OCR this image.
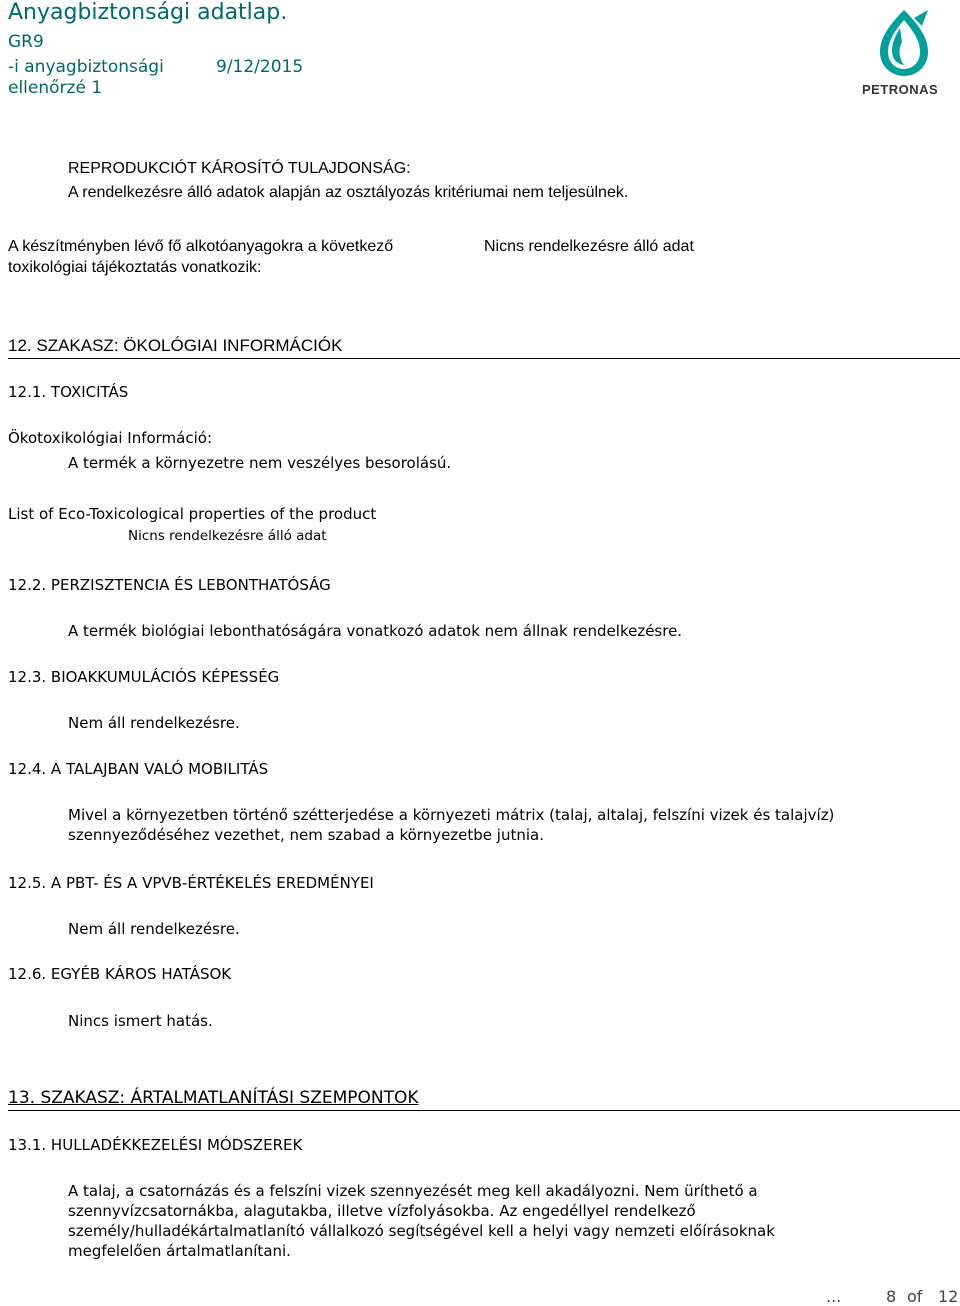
Anyagbiztonsági adatlap.
GR9
-i anyagbiztonsági	9/12/2015
ellenőrzé 1	PETRONAS
REPRODUKCIÓT KÁROSÍTÓ TULAJDONSÁG:
A rendelkezésre álló adatok alapján az osztályozás kritériumai nem teljesülnek.
A készítményben lévő fő alkotóanyagokra a következő
toxikológiai tájékoztatás vonatkozik:
Nicns rendelkezésre álló adat
12. SZAKASZ: ÖKOLÓGIAI INFORMÁCIÓK
12.1. TOXICITÁS
Ökotoxikológiai Információ:
A termék a környezetre nem veszélyes besorolású.
List of Eco-Toxicological properties of the product
Nicns rendelkezésre álló adat
12.2. PERZISZTENCIA ÉS LEBONTHATÓSÁG
A termék biológiai lebonthatóságára vonatkozó adatok nem állnak rendelkezésre.
12.3. BIOAKKUMULÁCIÓS KÉPESSÉG
Nem áll rendelkezésre.
12.4. A TALAJBAN VALÓ MOBILITÁS
Mivel a környezetben történő szétterjedése a környezeti mátrix (talaj, altalaj, felszíni vizek és talajvíz)
szennyeződéséhez vezethet, nem szabad a környezetbe jutnia.
12.5. A PBT- ÉS A VPVB-ÉRTÉKELÉS EREDMÉNYEI
Nem áll rendelkezésre.
12.6. EGYÉB KÁROS HATÁSOK
Nincs ismert hatás.
13. SZAKASZ: ÁRTALMATLANÍTÁSI SZEMPONTOK
13.1. HULLADÉKKEZELÉSI MÓDSZEREK
A talaj, a csatornázás és a felszíni vizek szennyezését meg kell akadályozni. Nem üríthető a
szennyvízcsatornákba, alagutakba, illetve vízfolyásokba. Az engedéllyel rendelkező
személy/hulladékártalmatlanító vállalkozó segítségével kell a helyi vagy nemzeti előírásoknak
megfelelően ártalmatlanítani.
...	8 of 12
